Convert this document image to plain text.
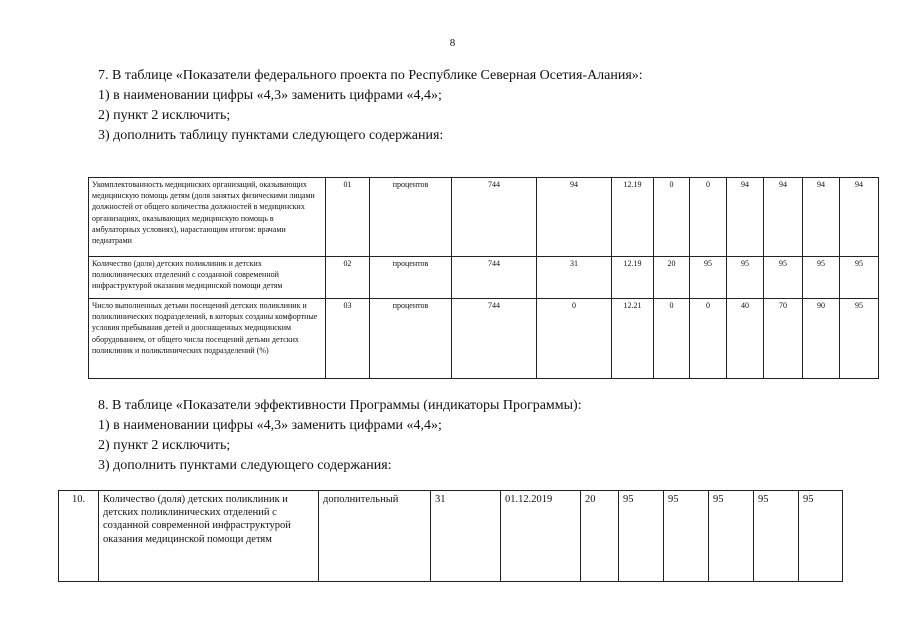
8
7. В таблице «Показатели федерального проекта по Республике Северная Осетия-Алания»:
1) в наименовании цифры «4,3» заменить цифрами «4,4»;
2) пункт 2 исключить;
3) дополнить таблицу пунктами следующего содержания:
Укомплектованность медицинских организаций, оказывающих медицинскую помощь детям (доля занятых физическими лицами должностей от общего количества должностей в медицинских организациях, оказывающих медицинскую помощь в амбулаторных условиях), нарастающим итогом: врачами педиатрами	01	процентов	744	94	12.19	0	0	94	94	94	94
Количество (доля) детских поликлиник и детских поликлинических отделений с созданной современной инфраструктурой оказания медицинской помощи детям	02	процентов	744	31	12.19	20	95	95	95	95	95
Число выполненных детьми посещений детских поликлиник и поликлинических подразделений, в которых созданы комфортные условия пребывания детей и дооснащенных медицинским оборудованием, от общего числа посещений детьми детских поликлиник и поликлинических подразделений (%)	03	процентов	744	0	12.21	0	0	40	70	90	95
8. В таблице «Показатели эффективности Программы (индикаторы Программы):
1) в наименовании цифры «4,3» заменить цифрами «4,4»;
2) пункт 2 исключить;
3) дополнить пунктами следующего содержания:
10.	Количество (доля) детских поликлиник и детских поликлинических отделений с созданной современной инфраструктурой оказания медицинской помощи детям	дополнительный	31	01.12.2019	20	95	95	95	95	95
